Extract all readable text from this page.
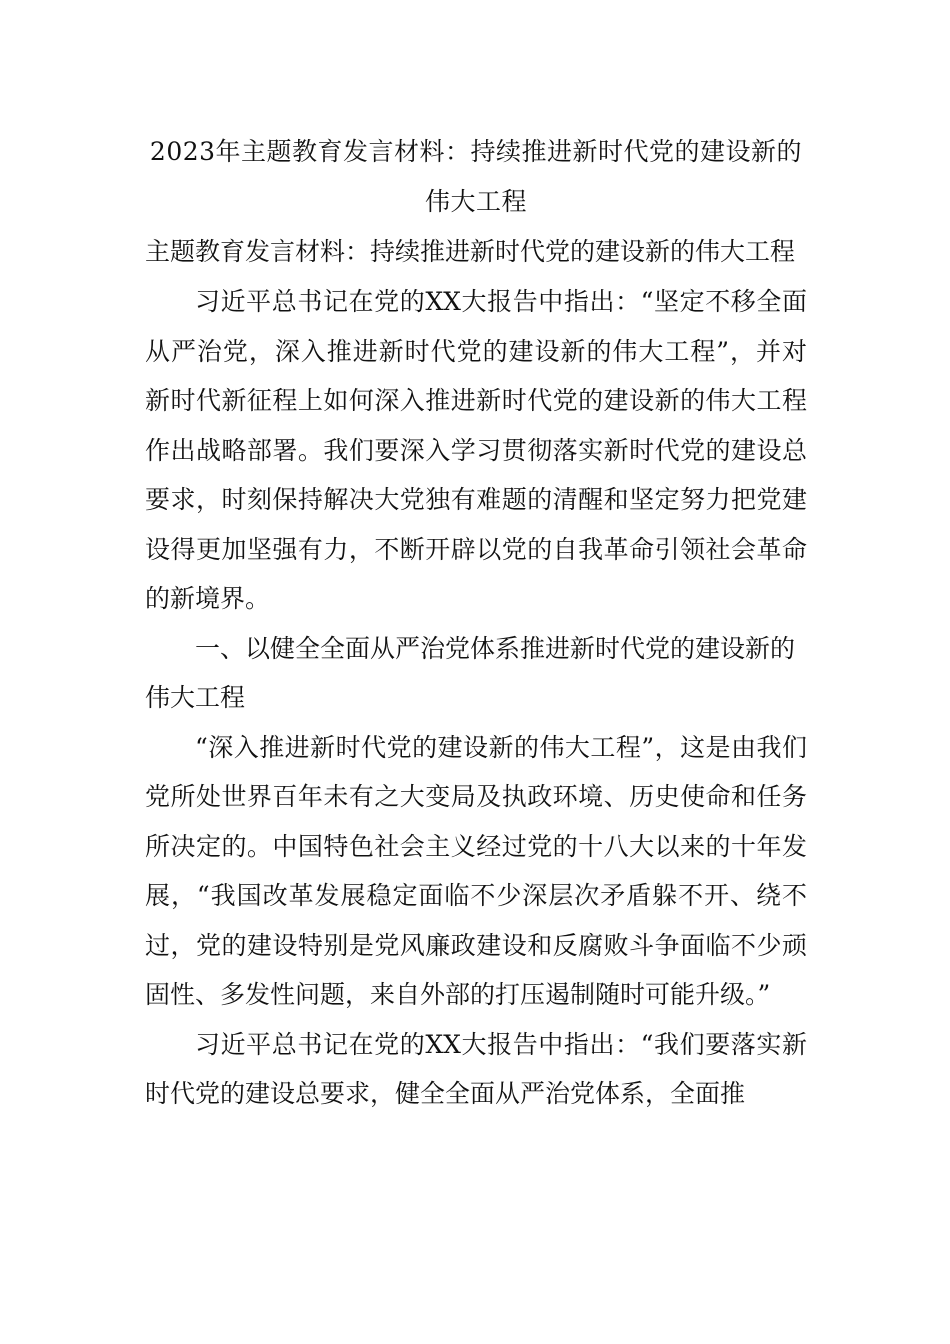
2023年主题教育发言材料：持续推进新时代党的建设新的伟大工程
主题教育发言材料：持续推进新时代党的建设新的伟大工程

习近平总书记在党的XX大报告中指出：“坚定不移全面从严治党，深入推进新时代党的建设新的伟大工程”，并对新时代新征程上如何深入推进新时代党的建设新的伟大工程作出战略部署。我们要深入学习贯彻落实新时代党的建设总要求，时刻保持解决大党独有难题的清醒和坚定努力把党建设得更加坚强有力，不断开辟以党的自我革命引领社会革命的新境界。

一、以健全全面从严治党体系推进新时代党的建设新的伟大工程

“深入推进新时代党的建设新的伟大工程”，这是由我们党所处世界百年未有之大变局及执政环境、历史使命和任务所决定的。中国特色社会主义经过党的十八大以来的十年发展，“我国改革发展稳定面临不少深层次矛盾躲不开、绕不过，党的建设特别是党风廉政建设和反腐败斗争面临不少顽固性、多发性问题，来自外部的打压遏制随时可能升级。”

习近平总书记在党的XX大报告中指出：“我们要落实新时代党的建设总要求，健全全面从严治党体系，全面推
